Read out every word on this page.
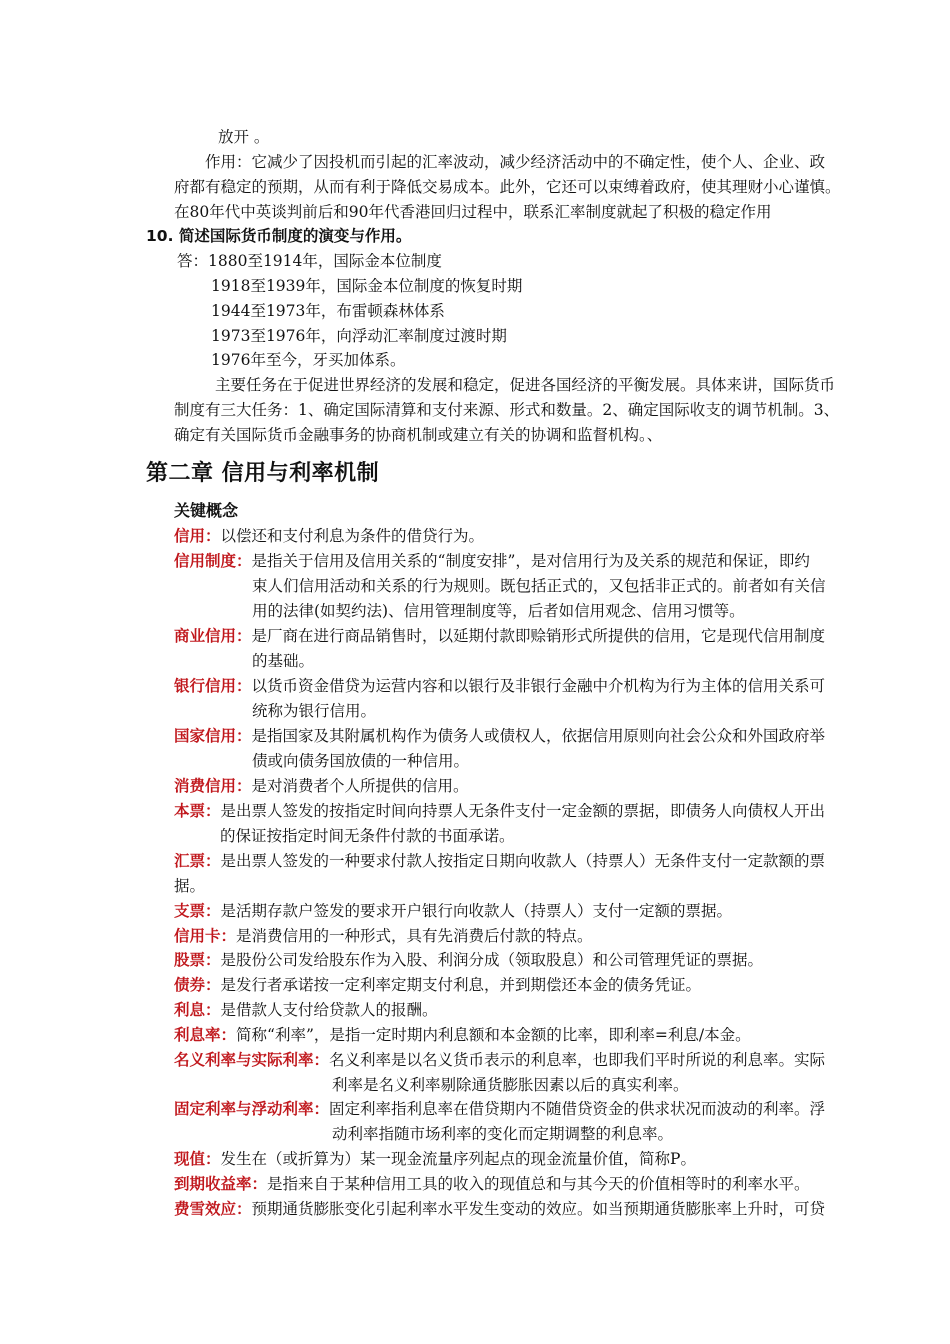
放开 。
作用：它减少了因投机而引起的汇率波动，减少经济活动中的不确定性，使个人、企业、政
府都有稳定的预期，从而有利于降低交易成本。此外，它还可以束缚着政府，使其理财小心谨慎。
在80年代中英谈判前后和90年代香港回归过程中，联系汇率制度就起了积极的稳定作用
10. 简述国际货币制度的演变与作用。
答：1880至1914年，国际金本位制度
1918至1939年，国际金本位制度的恢复时期
1944至1973年，布雷顿森林体系
1973至1976年，向浮动汇率制度过渡时期
1976年至今，牙买加体系。
主要任务在于促进世界经济的发展和稳定，促进各国经济的平衡发展。具体来讲，国际货币
制度有三大任务：1、确定国际清算和支付来源、形式和数量。2、确定国际收支的调节机制。3、
确定有关国际货币金融事务的协商机制或建立有关的协调和监督机构。、
第二章 信用与利率机制
关键概念
信用：以偿还和支付利息为条件的借贷行为。
信用制度：是指关于信用及信用关系的“制度安排”，是对信用行为及关系的规范和保证，即约
束人们信用活动和关系的行为规则。既包括正式的，又包括非正式的。前者如有关信
用的法律(如契约法)、信用管理制度等，后者如信用观念、信用习惯等。
商业信用：是厂商在进行商品销售时，以延期付款即赊销形式所提供的信用，它是现代信用制度
的基础。
银行信用：以货币资金借贷为运营内容和以银行及非银行金融中介机构为行为主体的信用关系可
统称为银行信用。
国家信用：是指国家及其附属机构作为债务人或债权人，依据信用原则向社会公众和外国政府举
债或向债务国放债的一种信用。
消费信用：是对消费者个人所提供的信用。
本票：是出票人签发的按指定时间向持票人无条件支付一定金额的票据，即债务人向债权人开出
的保证按指定时间无条件付款的书面承诺。
汇票：是出票人签发的一种要求付款人按指定日期向收款人（持票人）无条件支付一定款额的票
据。
支票：是活期存款户签发的要求开户银行向收款人（持票人）支付一定额的票据。
信用卡：是消费信用的一种形式，具有先消费后付款的特点。
股票：是股份公司发给股东作为入股、利润分成（领取股息）和公司管理凭证的票据。
债券：是发行者承诺按一定利率定期支付利息，并到期偿还本金的债务凭证。
利息：是借款人支付给贷款人的报酬。
利息率：简称“利率”，是指一定时期内利息额和本金额的比率，即利率=利息/本金。
名义利率与实际利率：名义利率是以名义货币表示的利息率，也即我们平时所说的利息率。实际
利率是名义利率剔除通货膨胀因素以后的真实利率。
固定利率与浮动利率：固定利率指利息率在借贷期内不随借贷资金的供求状况而波动的利率。浮
动利率指随市场利率的变化而定期调整的利息率。
现值：发生在（或折算为）某一现金流量序列起点的现金流量价值，简称P。
到期收益率：是指来自于某种信用工具的收入的现值总和与其今天的价值相等时的利率水平。
费雪效应：预期通货膨胀变化引起利率水平发生变动的效应。如当预期通货膨胀率上升时，可贷
